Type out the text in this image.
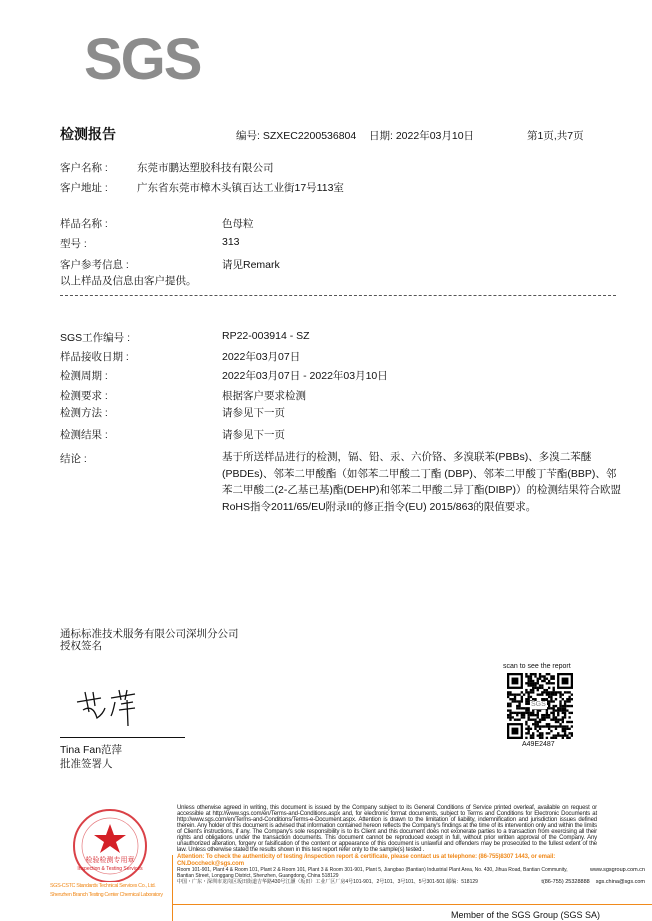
SGS
检测报告	编号: SZXEC2200536804 日期: 2022年03月10日	第1页,共7页
客户名称 :	东莞市鹏达塑胶科技有限公司
客户地址 :	广东省东莞市樟木头镇百达工业街17号113室
样品名称 :	色母粒
型号 :	313
客户参考信息 :	请见Remark
以上样品及信息由客户提供。
SGS工作编号 :	RP22-003914 - SZ
样品接收日期 :	2022年03月07日
检测周期 :	2022年03月07日 - 2022年03月10日
检测要求 :	根据客户要求检测
检测方法 :	请参见下一页
检测结果 :	请参见下一页
结论 :	基于所送样品进行的检测，镉、铅、汞、六价铬、多溴联苯(PBBs)、多溴二苯醚(PBDEs)、邻苯二甲酸酯（如邻苯二甲酸二丁酯 (DBP)、邻苯二甲酸丁苄酯(BBP)、邻苯二甲酸二(2-乙基已基)酯(DEHP)和邻苯二甲酸二异丁酯(DIBP)）的检测结果符合欧盟RoHS指令2011/65/EU附录II的修正指令(EU) 2015/863的限值要求。
通标标准技术服务有限公司深圳分公司
授权签名
Tina Fan范萍
批准签署人
scan to see the report
SGS
A49E2487
检验检测专用章
Inspection & Testing Services
SGS-CSTC Standards Technical Services Co., Ltd.
Shenzhen Branch Testing Center Chemical Laboratory
Unless otherwise agreed in writing, this document is issued by the Company subject to its General Conditions of Service printed overleaf, available on request or accessible at http://www.sgs.com/en/Terms-and-Conditions.aspx and, for electronic format documents, subject to Terms and Conditions for Electronic Documents at http://www.sgs.com/en/Terms-and-Conditions/Terms-e-Document.aspx. Attention is drawn to the limitation of liability, indemnification and jurisdiction issues defined therein. Any holder of this document is advised that information contained hereon reflects the Company's findings at the time of its intervention only and within the limits of Client's instructions, if any. The Company's sole responsibility is to its Client and this document does not exonerate parties to a transaction from exercising all their rights and obligations under the transaction documents. This document cannot be reproduced except in full, without prior written approval of the Company. Any unauthorized alteration, forgery or falsification of the content or appearance of this document is unlawful and offenders may be prosecuted to the fullest extent of the law. Unless otherwise stated the results shown in this test report refer only to the sample(s) tested .
Attention: To check the authenticity of testing /inspection report & certificate, please contact us at telephone: (86-755)8307 1443, or email: CN.Doccheck@sgs.com
Room 101-901, Plant 4 & Room 101, Plant 2 & Room 101, Plant 3 & Room 301-901, Plant 5, Jiangbao (Bantian) Industrial Plant Area, No. 430, Jihua Road, Bantian Community, Bantian Street, Longgang District, Shenzhen, Guangdong, China 518129
www.sgsgroup.com.cn
中国・广东・深圳市龙岗区坂田街道吉华路430号江灏（坂田）工业厂区厂房4号101-901、2号101、3号101、5号301-501 邮编：518129	t(86-755) 25328888 sgs.china@sgs.com
Member of the SGS Group (SGS SA)
